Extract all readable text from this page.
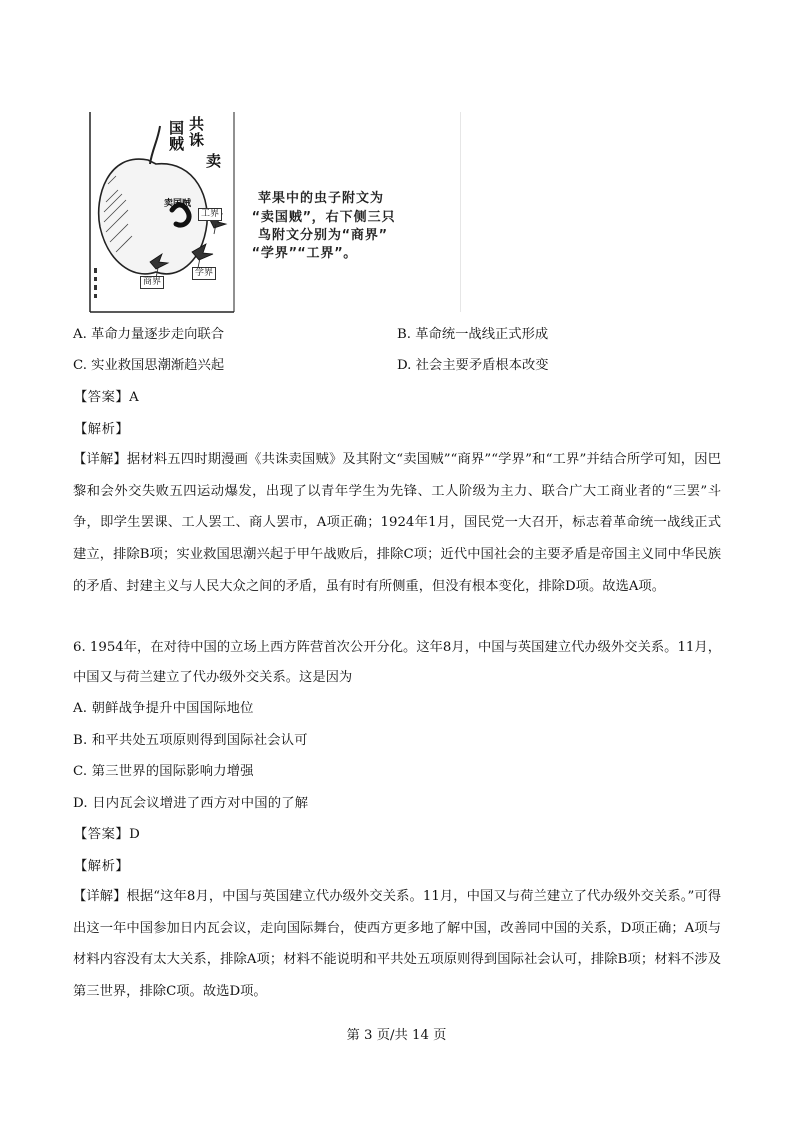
共诛
国贼
卖
卖国贼
工界
商界
学界
苹果中的虫子附文为
“卖国贼”，右下侧三只
鸟附文分别为“商界”
“学界”“工界”。
A. 革命力量逐步走向联合	B. 革命统一战线正式形成
C. 实业救国思潮渐趋兴起	D. 社会主要矛盾根本改变
【答案】A
【解析】
【详解】据材料五四时期漫画《共诛卖国贼》及其附文“卖国贼”“商界”“学界”和“工界”并结合所学可知，因巴黎和会外交失败五四运动爆发，出现了以青年学生为先锋、工人阶级为主力、联合广大工商业者的“三罢”斗争，即学生罢课、工人罢工、商人罢市，A项正确；1924年1月，国民党一大召开，标志着革命统一战线正式建立，排除B项；实业救国思潮兴起于甲午战败后，排除C项；近代中国社会的主要矛盾是帝国主义同中华民族的矛盾、封建主义与人民大众之间的矛盾，虽有时有所侧重，但没有根本变化，排除D项。故选A项。
6. 1954年，在对待中国的立场上西方阵营首次公开分化。这年8月，中国与英国建立代办级外交关系。11月，中国又与荷兰建立了代办级外交关系。这是因为
A. 朝鲜战争提升中国国际地位
B. 和平共处五项原则得到国际社会认可
C. 第三世界的国际影响力增强
D. 日内瓦会议增进了西方对中国的了解
【答案】D
【解析】
【详解】根据“这年8月，中国与英国建立代办级外交关系。11月，中国又与荷兰建立了代办级外交关系。”可得出这一年中国参加日内瓦会议，走向国际舞台，使西方更多地了解中国，改善同中国的关系，D项正确；A项与材料内容没有太大关系，排除A项；材料不能说明和平共处五项原则得到国际社会认可，排除B项；材料不涉及第三世界，排除C项。故选D项。
第 3 页/共 14 页
